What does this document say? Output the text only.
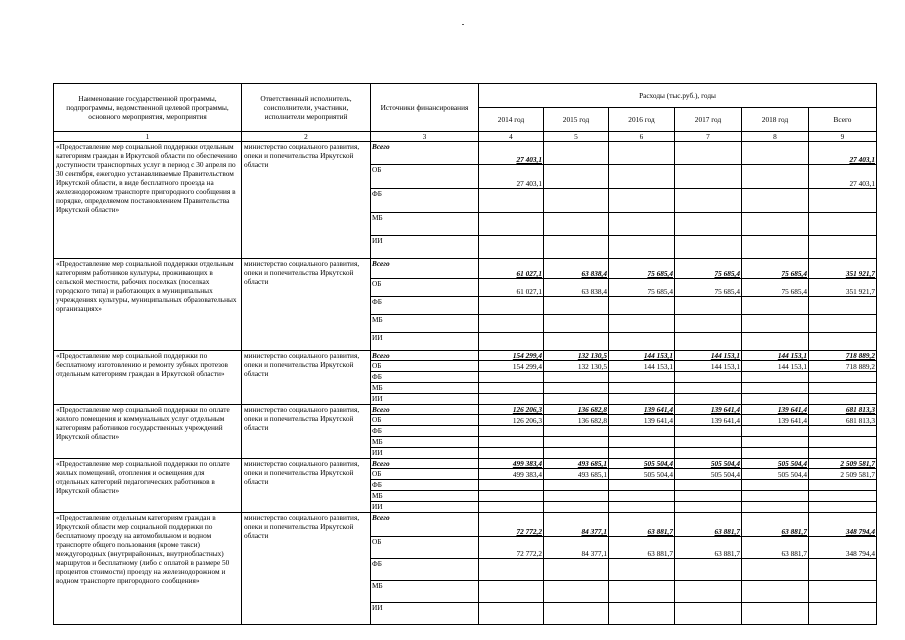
Наименование государственной программы, подпрограммы, ведомственной целевой программы, основного мероприятия, мероприятия	Ответственный исполнитель, соисполнители, участники, исполнители мероприятий	Источники финансирования	Расходы (тыс.руб.), годы					
			2014 год	2015 год	2016 год	2017 год	2018 год	Всего
1	2	3	4	5	6	7	8	9
«Предоставление мер социальной поддержки отдельным категориям граждан в Иркутской области по обеспечению доступности транспортных услуг в период с 30 апреля по 30 сентября, ежегодно устанавливаемые Правительством Иркутской области, в виде бесплатного проезда на железнодорожном транспорте пригородного сообщения в порядке, определяемом постановлением Правительства Иркутской области»	министерство социального развития, опеки и попечительства Иркутской области	Всего	27 403,1					27 403,1
		ОБ	27 403,1					27 403,1
		ФБ						
		МБ						
		ИИ						
«Предоставление мер социальной поддержки отдельным категориям работников культуры, проживающих в сельской местности, рабочих поселках (поселках городского типа) и работающих в муниципальных учреждениях культуры, муниципальных образовательных организациях»	министерство социального развития, опеки и попечительства Иркутской области	Всего	61 027,1	63 838,4	75 685,4	75 685,4	75 685,4	351 921,7
		ОБ	61 027,1	63 838,4	75 685,4	75 685,4	75 685,4	351 921,7
		ФБ						
		МБ						
		ИИ						
«Предоставление мер социальной поддержки по бесплатному изготовлению и ремонту зубных протезов отдельным категориям граждан в Иркутской области»	министерство социального развития, опеки и попечительства Иркутской области	Всего	154 299,4	132 130,5	144 153,1	144 153,1	144 153,1	718 889,2
		ОБ	154 299,4	132 130,5	144 153,1	144 153,1	144 153,1	718 889,2
		ФБ						
		МБ						
		ИИ						
«Предоставление мер социальной поддержки по оплате жилого помещения и коммунальных услуг отдельным категориям работников государственных учреждений Иркутской области»	министерство социального развития, опеки и попечительства Иркутской области	Всего	126 206,3	136 682,8	139 641,4	139 641,4	139 641,4	681 813,3
		ОБ	126 206,3	136 682,8	139 641,4	139 641,4	139 641,4	681 813,3
		ФБ						
		МБ						
		ИИ						
«Предоставление мер социальной поддержки по оплате жилых помещений, отопления и освещения для отдельных категорий педагогических работников в Иркутской области»	министерство социального развития, опеки и попечительства Иркутской области	Всего	499 383,4	493 685,1	505 504,4	505 504,4	505 504,4	2 509 581,7
		ОБ	499 383,4	493 685,1	505 504,4	505 504,4	505 504,4	2 509 581,7
		ФБ						
		МБ						
		ИИ						
«Предоставление отдельным категориям граждан в Иркутской области мер социальной поддержки по бесплатному проезду на автомобильном и водном транспорте общего пользования (кроме такси) междугородных (внутрирайонных, внутриобластных) маршрутов и бесплатному (либо с оплатой в размере 50 процентов стоимости) проезду на железнодорожном и водном транспорте пригородного сообщения»	министерство социального развития, опеки и попечительства Иркутской области	Всего	72 772,2	84 377,1	63 881,7	63 881,7	63 881,7	348 794,4
		ОБ	72 772,2	84 377,1	63 881,7	63 881,7	63 881,7	348 794,4
		ФБ						
		МБ						
		ИИ						
